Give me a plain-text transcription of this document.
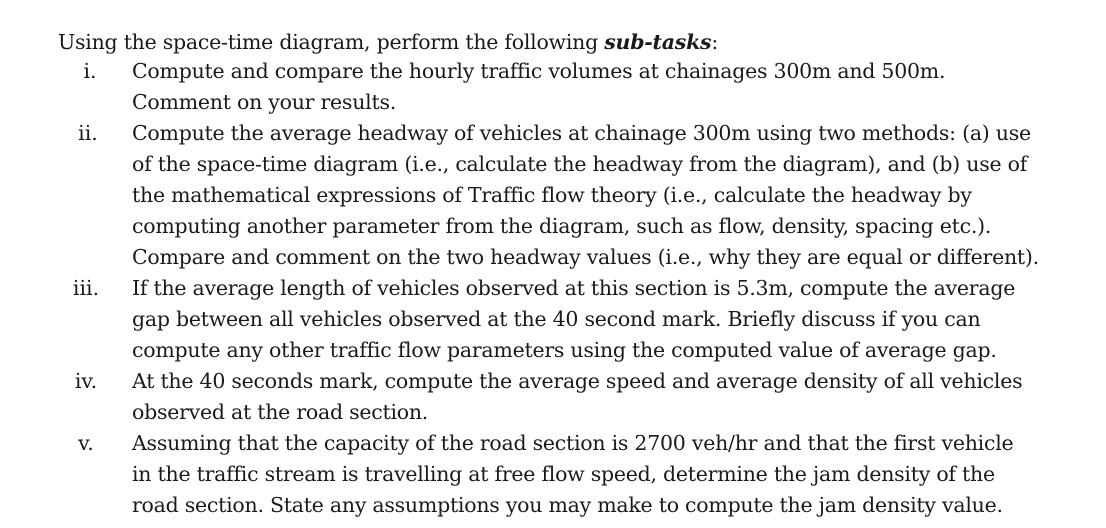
Using the space-time diagram, perform the following sub-tasks:
i.	Compute and compare the hourly traffic volumes at chainages 300m and 500m.
Comment on your results.
ii.	Compute the average headway of vehicles at chainage 300m using two methods: (a) use
of the space-time diagram (i.e., calculate the headway from the diagram), and (b) use of
the mathematical expressions of Traffic flow theory (i.e., calculate the headway by
computing another parameter from the diagram, such as flow, density, spacing etc.).
Compare and comment on the two headway values (i.e., why they are equal or different).
iii.	If the average length of vehicles observed at this section is 5.3m, compute the average
gap between all vehicles observed at the 40 second mark. Briefly discuss if you can
compute any other traffic flow parameters using the computed value of average gap.
iv.	At the 40 seconds mark, compute the average speed and average density of all vehicles
observed at the road section.
v.	Assuming that the capacity of the road section is 2700 veh/hr and that the first vehicle
in the traffic stream is travelling at free flow speed, determine the jam density of the
road section. State any assumptions you may make to compute the jam density value.
